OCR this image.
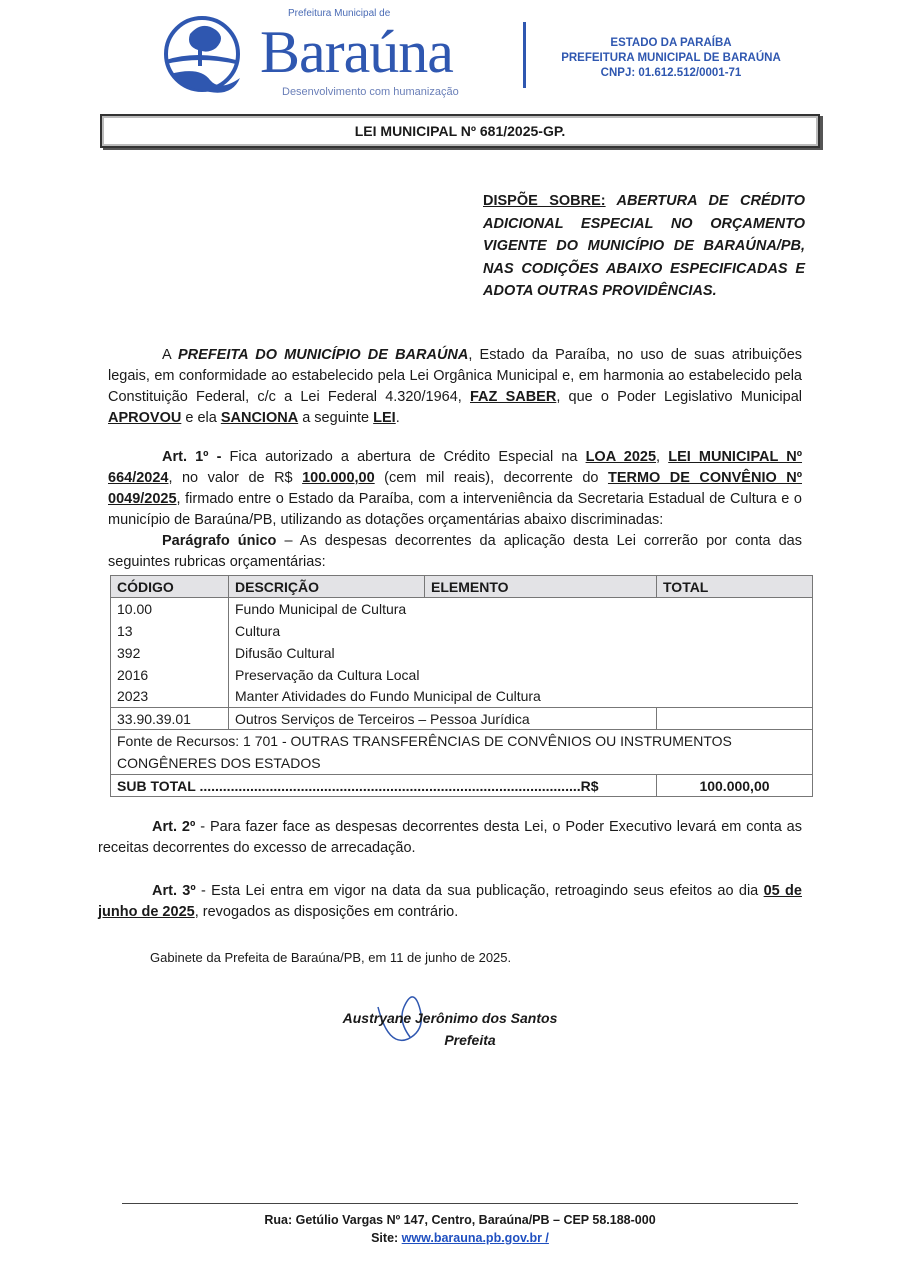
Prefeitura Municipal de
Baraúna
Desenvolvimento com humanização
ESTADO DA PARAÍBA
PREFEITURA MUNICIPAL DE BARAÚNA
CNPJ: 01.612.512/0001-71
LEI MUNICIPAL Nº 681/2025-GP.
DISPÕE SOBRE: ABERTURA DE CRÉDITO ADICIONAL ESPECIAL NO ORÇAMENTO VIGENTE DO MUNICÍPIO DE BARAÚNA/PB, NAS CODIÇÕES ABAIXO ESPECIFICADAS E ADOTA OUTRAS PROVIDÊNCIAS.
A PREFEITA DO MUNICÍPIO DE BARAÚNA, Estado da Paraíba, no uso de suas atribuições legais, em conformidade ao estabelecido pela Lei Orgânica Municipal e, em harmonia ao estabelecido pela Constituição Federal, c/c a Lei Federal 4.320/1964, FAZ SABER, que o Poder Legislativo Municipal APROVOU e ela SANCIONA a seguinte LEI.
Art. 1º - Fica autorizado a abertura de Crédito Especial na LOA 2025, LEI MUNICIPAL Nº 664/2024, no valor de R$ 100.000,00 (cem mil reais), decorrente do TERMO DE CONVÊNIO Nº 0049/2025, firmado entre o Estado da Paraíba, com a interveniência da Secretaria Estadual de Cultura e o município de Baraúna/PB, utilizando as dotações orçamentárias abaixo discriminadas:
Parágrafo único – As despesas decorrentes da aplicação desta Lei correrão por conta das seguintes rubricas orçamentárias:
CÓDIGO	DESCRIÇÃO	ELEMENTO	TOTAL
10.00	Fundo Municipal de Cultura		
13	Cultura		
392	Difusão Cultural		
2016	Preservação da Cultura Local		
2023	Manter Atividades do Fundo Municipal de Cultura		
33.90.39.01	Outros Serviços de Terceiros – Pessoa Jurídica		
Fonte de Recursos: 1 701 - OUTRAS TRANSFERÊNCIAS DE CONVÊNIOS OU INSTRUMENTOS CONGÊNERES DOS ESTADOS			
SUB TOTAL ..................................................................................................R$			100.000,00
Art. 2º - Para fazer face as despesas decorrentes desta Lei, o Poder Executivo levará em conta as receitas decorrentes do excesso de arrecadação.
Art. 3º - Esta Lei entra em vigor na data da sua publicação, retroagindo seus efeitos ao dia 05 de junho de 2025, revogados as disposições em contrário.
Gabinete da Prefeita de Baraúna/PB, em 11 de junho de 2025.
Austryane Jerônimo dos Santos
Prefeita
Rua: Getúlio Vargas Nº 147, Centro, Baraúna/PB – CEP 58.188-000
Site: www.barauna.pb.gov.br /
